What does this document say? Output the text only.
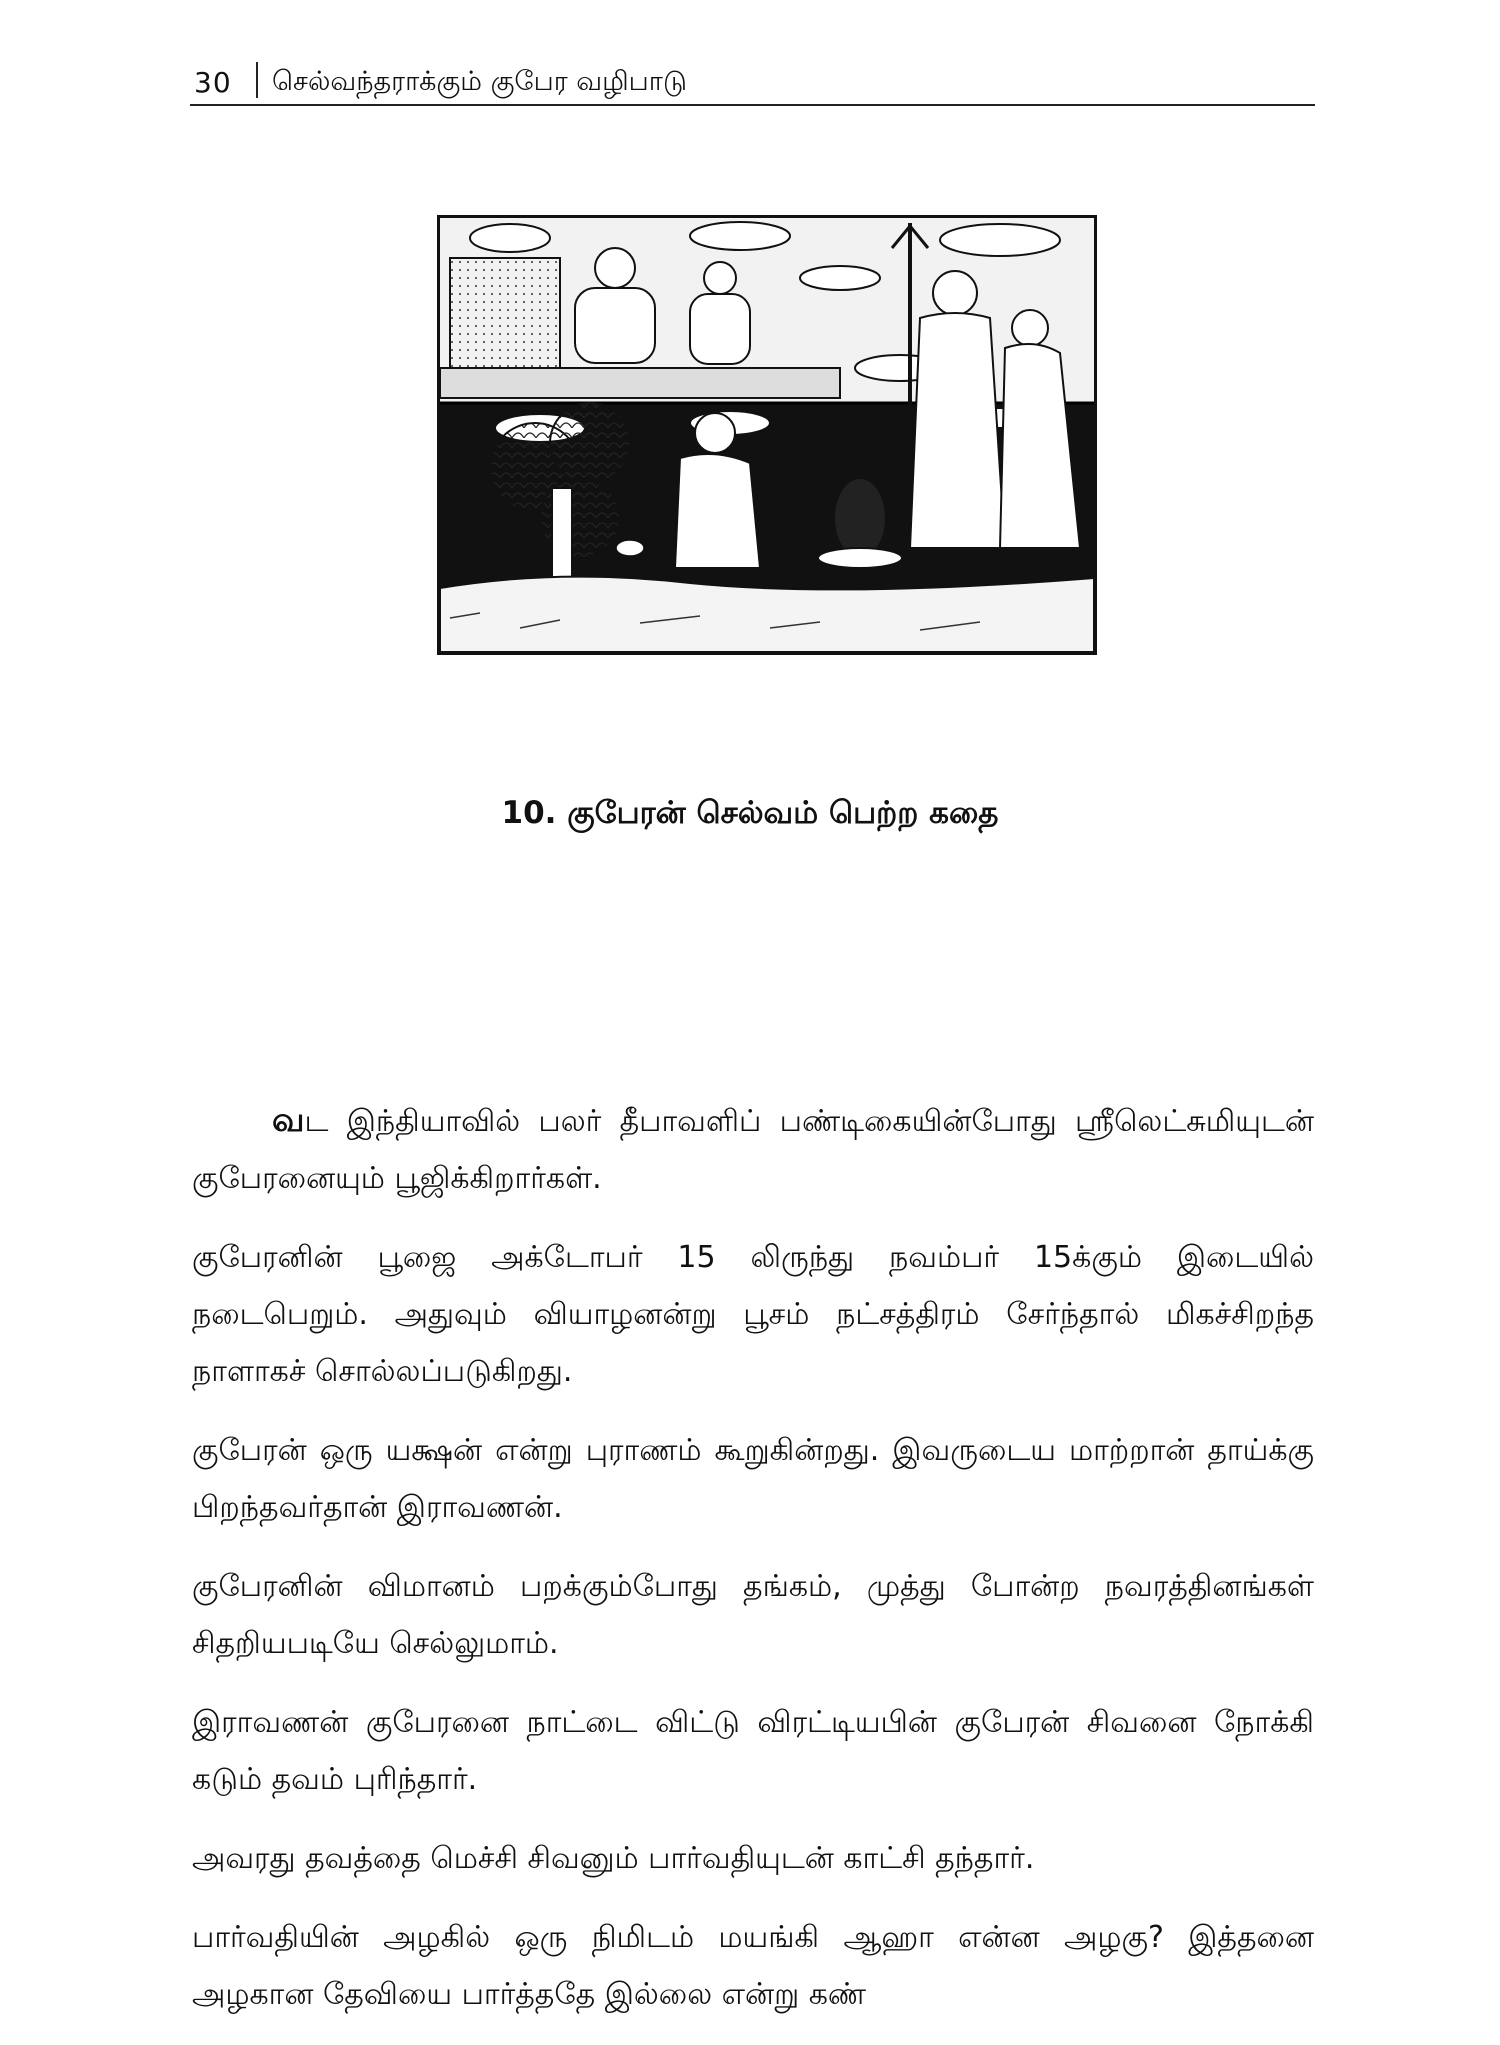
30 செல்வந்தராக்கும் குபேர வழிபாடு
10. குபேரன் செல்வம் பெற்ற கதை

வட இந்தியாவில் பலர் தீபாவளிப் பண்டிகையின்போது ஸ்ரீலெட்சுமியுடன் குபேரனையும் பூஜிக்கிறார்கள்.

குபேரனின் பூஜை அக்டோபர் 15 லிருந்து நவம்பர் 15க்கும் இடையில் நடைபெறும். அதுவும் வியாழனன்று பூசம் நட்சத்திரம் சேர்ந்தால் மிகச்சிறந்த நாளாகச் சொல்லப்படுகிறது.

குபேரன் ஒரு யக்ஷன் என்று புராணம் கூறுகின்றது. இவருடைய மாற்றான் தாய்க்கு பிறந்தவர்தான் இராவணன்.

குபேரனின் விமானம் பறக்கும்போது தங்கம், முத்து போன்ற நவரத்தினங்கள் சிதறியபடியே செல்லுமாம்.

இராவணன் குபேரனை நாட்டை விட்டு விரட்டியபின் குபேரன் சிவனை நோக்கி கடும் தவம் புரிந்தார்.

அவரது தவத்தை மெச்சி சிவனும் பார்வதியுடன் காட்சி தந்தார்.

பார்வதியின் அழகில் ஒரு நிமிடம் மயங்கி ஆஹா என்ன அழகு? இத்தனை அழகான தேவியை பார்த்ததே இல்லை என்று கண்
